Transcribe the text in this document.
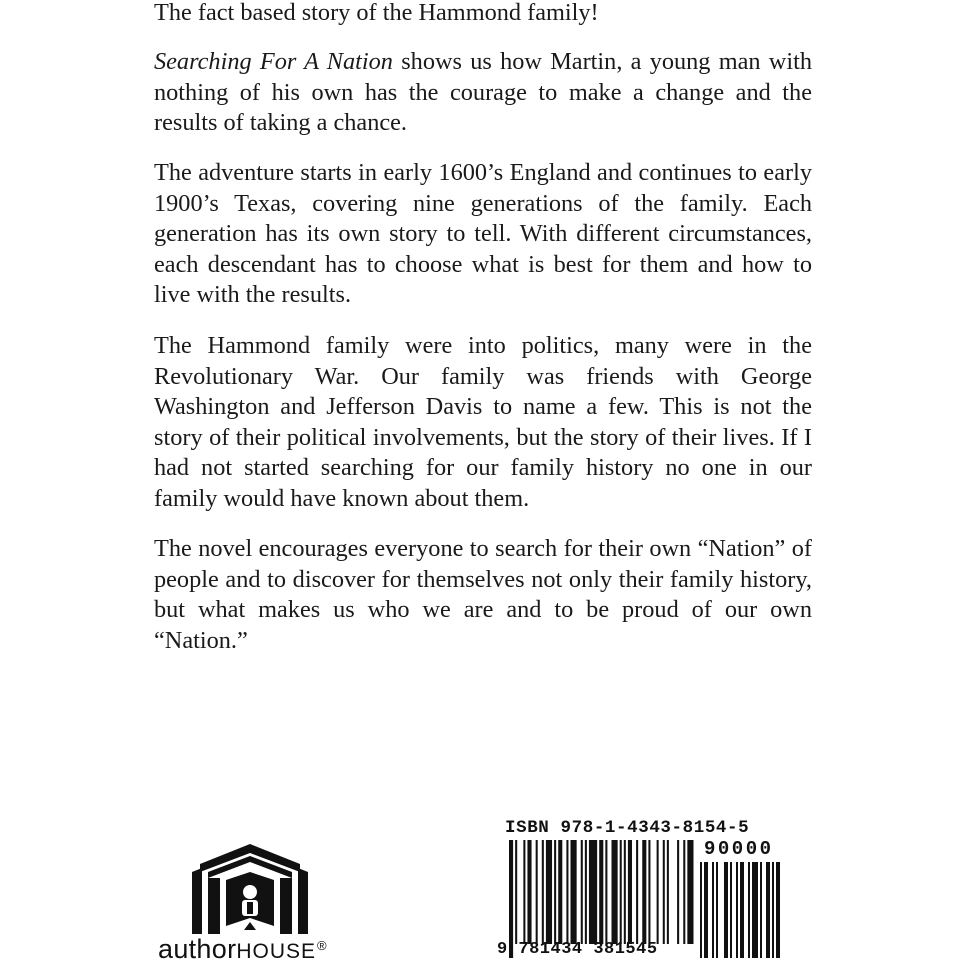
The fact based story of the Hammond family!

Searching For A Nation shows us how Martin, a young man with nothing of his own has the courage to make a change and the results of taking a chance.

The adventure starts in early 1600’s England and continues to early 1900’s Texas, covering nine generations of the family. Each generation has its own story to tell. With different circumstances, each descendant has to choose what is best for them and how to live with the results.

The Hammond family were into politics, many were in the Revolutionary War. Our family was friends with George Washington and Jefferson Davis to name a few. This is not the story of their political involvements, but the story of their lives. If I had not started searching for our family history no one in our family would have known about them.

The novel encourages everyone to search for their own “Nation” of people and to discover for themselves not only their family history, but what makes us who we are and to be proud of our own “Nation.”

authorHOUSE®
ISBN 978-1-4343-8154-5
90000
9 781434 381545
